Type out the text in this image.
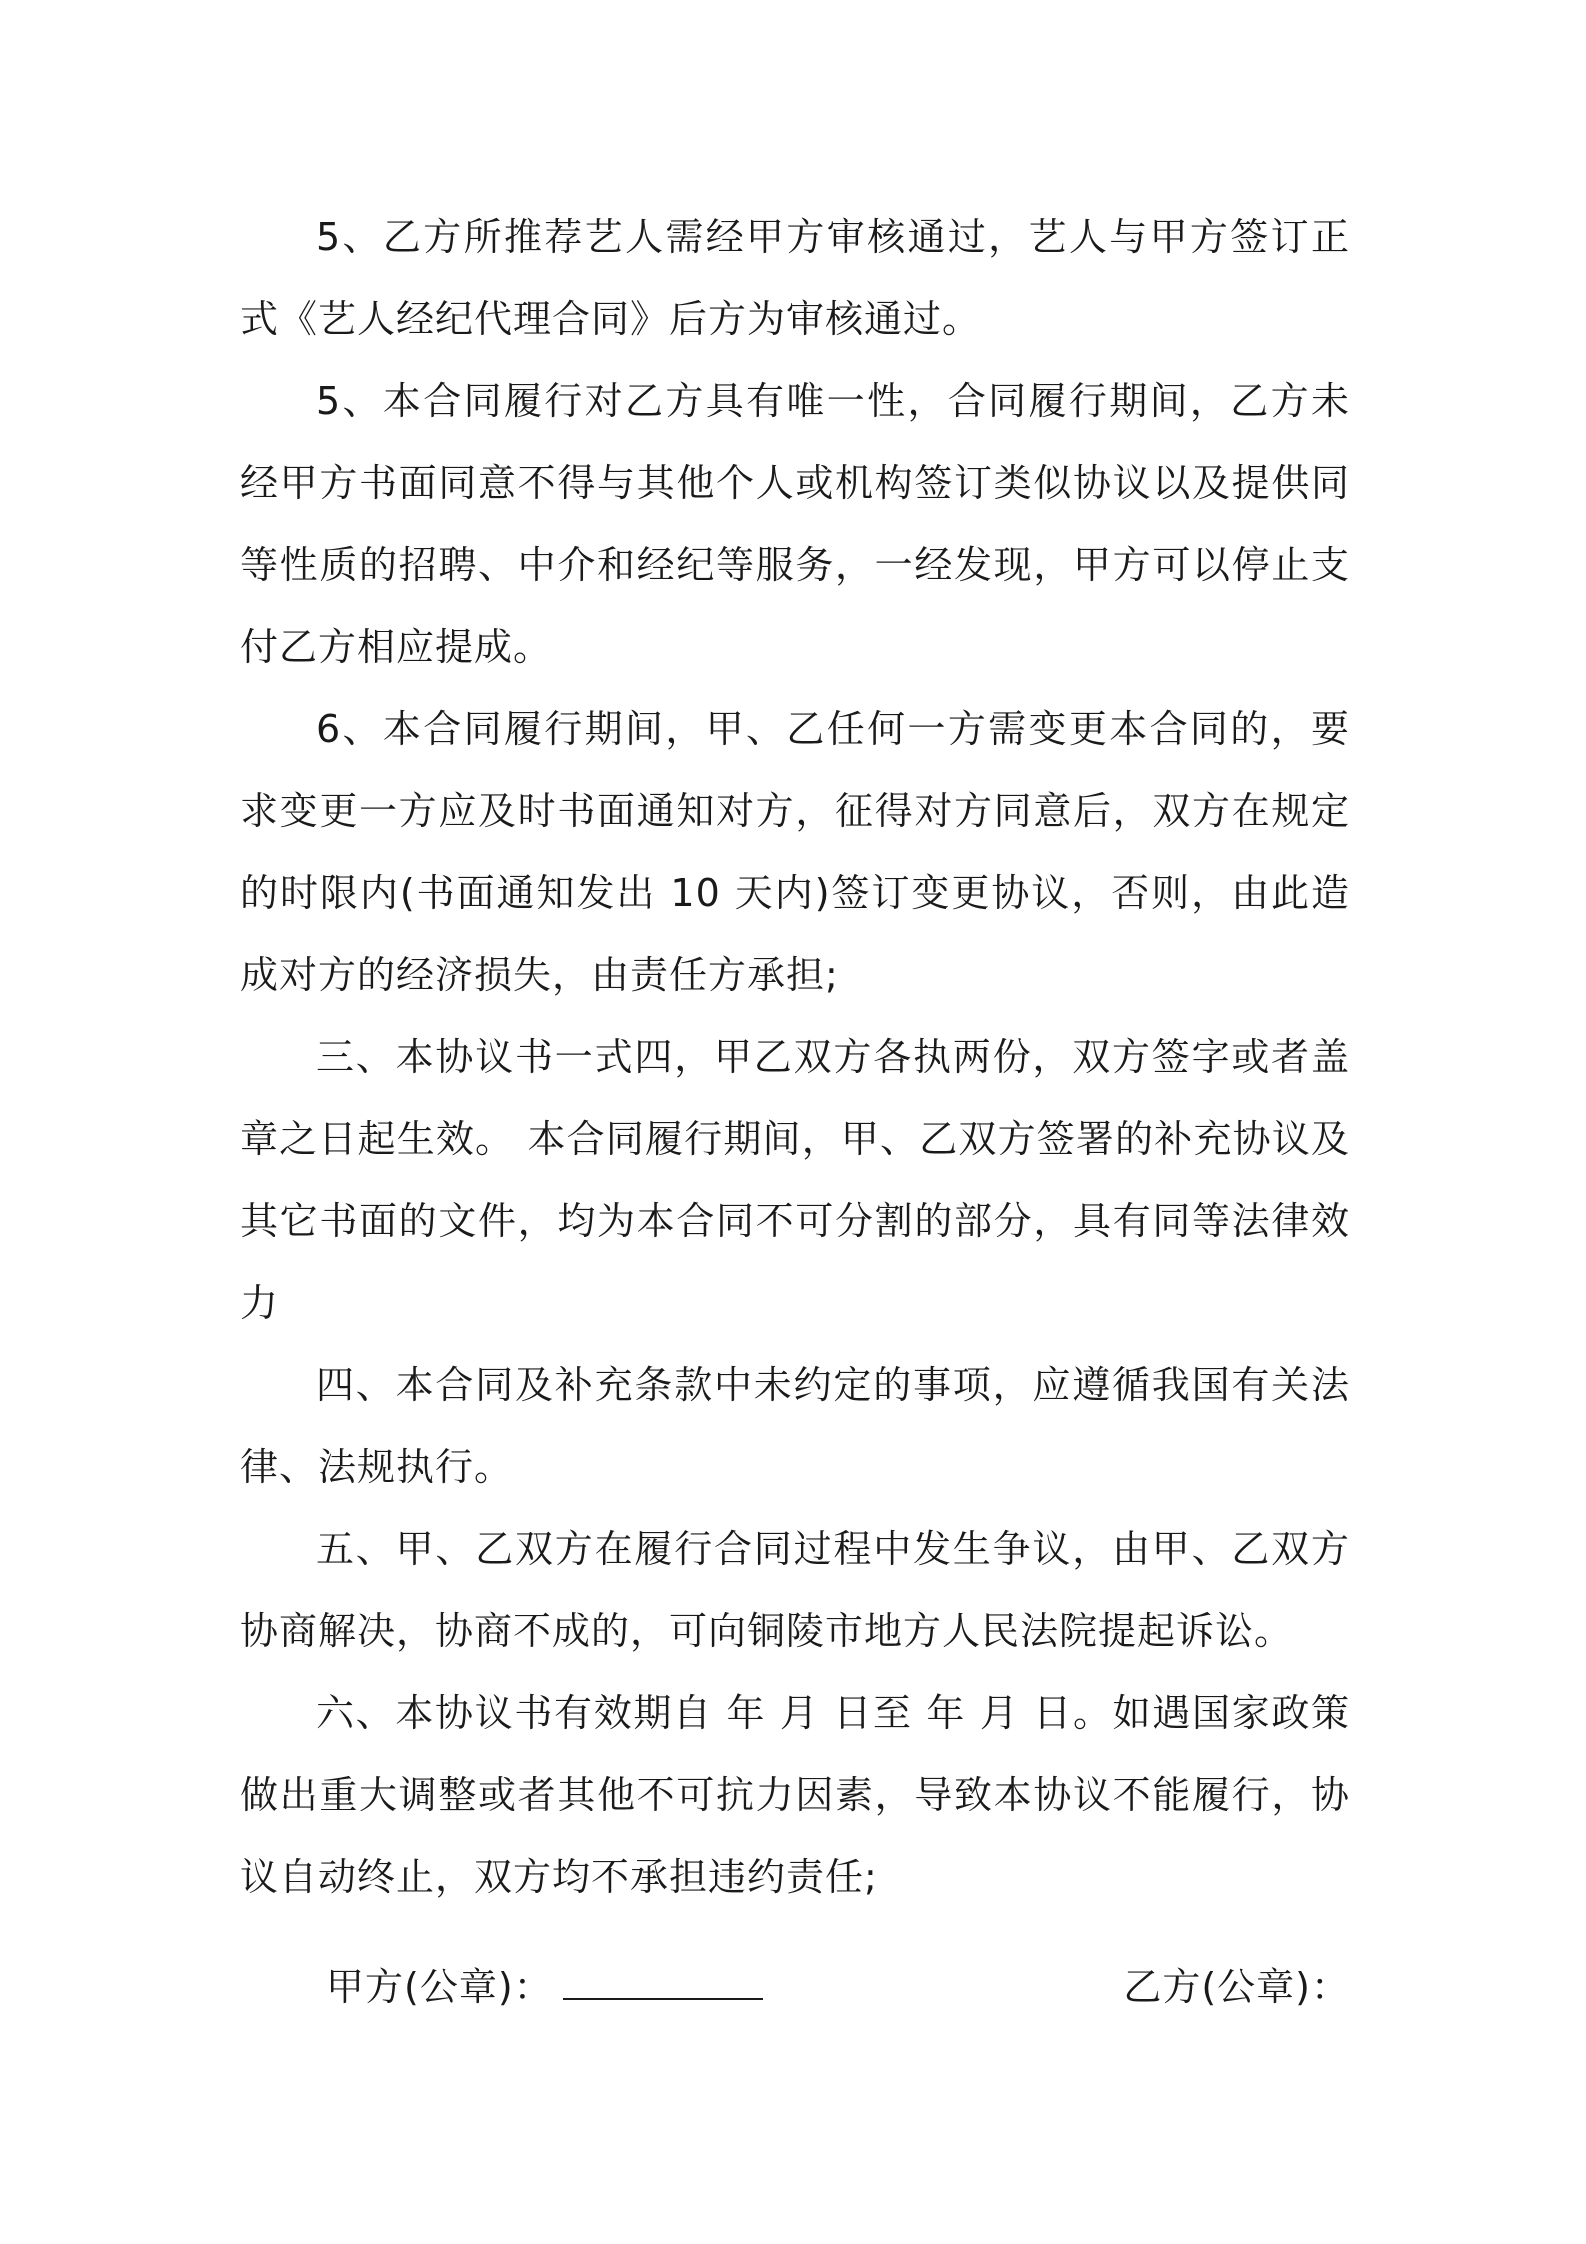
5、乙方所推荐艺人需经甲方审核通过，艺人与甲方签订正式《艺人经纪代理合同》后方为审核通过。

5、本合同履行对乙方具有唯一性，合同履行期间，乙方未经甲方书面同意不得与其他个人或机构签订类似协议以及提供同等性质的招聘、中介和经纪等服务，一经发现，甲方可以停止支付乙方相应提成。

6、本合同履行期间，甲、乙任何一方需变更本合同的，要求变更一方应及时书面通知对方，征得对方同意后，双方在规定的时限内(书面通知发出 10 天内)签订变更协议，否则，由此造成对方的经济损失，由责任方承担;

三、本协议书一式四，甲乙双方各执两份，双方签字或者盖章之日起生效。 本合同履行期间，甲、乙双方签署的补充协议及其它书面的文件，均为本合同不可分割的部分，具有同等法律效力

四、本合同及补充条款中未约定的事项，应遵循我国有关法律、法规执行。

五、甲、乙双方在履行合同过程中发生争议，由甲、乙双方协商解决，协商不成的，可向铜陵市地方人民法院提起诉讼。

六、本协议书有效期自 年 月 日至 年 月 日。如遇国家政策做出重大调整或者其他不可抗力因素，导致本协议不能履行，协议自动终止，双方均不承担违约责任;

甲方(公章)：	乙方(公章)：
